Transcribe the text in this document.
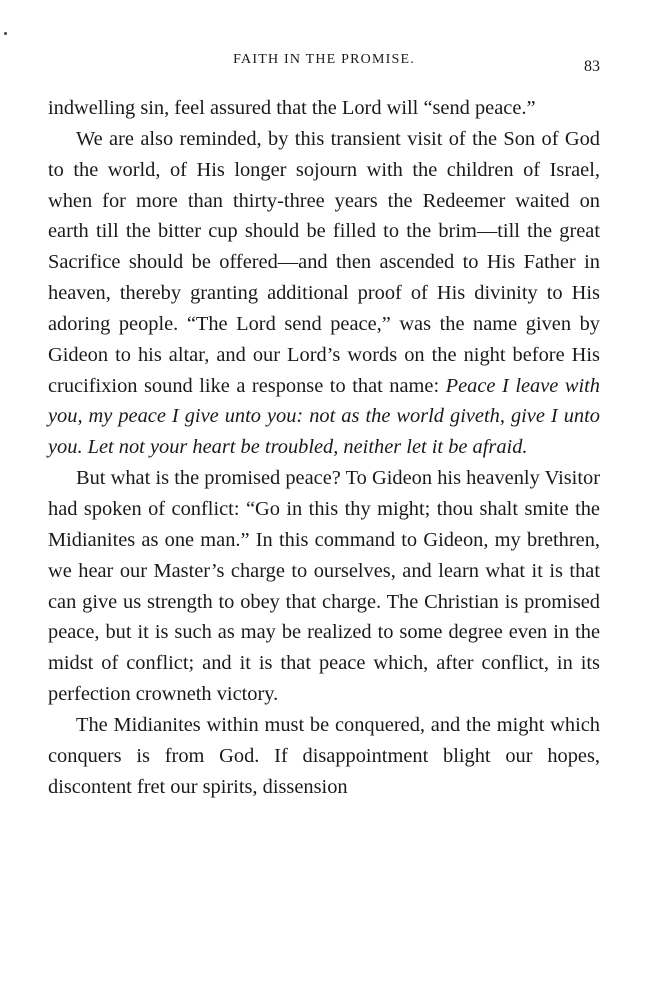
FAITH IN THE PROMISE.	83

indwelling sin, feel assured that the Lord will “send peace.”

We are also reminded, by this transient visit of the Son of God to the world, of His longer sojourn with the children of Israel, when for more than thirty-three years the Redeemer waited on earth till the bitter cup should be filled to the brim—till the great Sacrifice should be offered—and then ascended to His Father in heaven, thereby granting additional proof of His divinity to His adoring people. “The Lord send peace,” was the name given by Gideon to his altar, and our Lord’s words on the night before His crucifixion sound like a response to that name: Peace I leave with you, my peace I give unto you: not as the world giveth, give I unto you. Let not your heart be troubled, neither let it be afraid.

But what is the promised peace? To Gideon his heavenly Visitor had spoken of conflict: “Go in this thy might; thou shalt smite the Midianites as one man.” In this command to Gideon, my brethren, we hear our Master’s charge to ourselves, and learn what it is that can give us strength to obey that charge. The Christian is promised peace, but it is such as may be realized to some degree even in the midst of conflict; and it is that peace which, after conflict, in its perfection crowneth victory.

The Midianites within must be conquered, and the might which conquers is from God. If disappointment blight our hopes, discontent fret our spirits, dissension
